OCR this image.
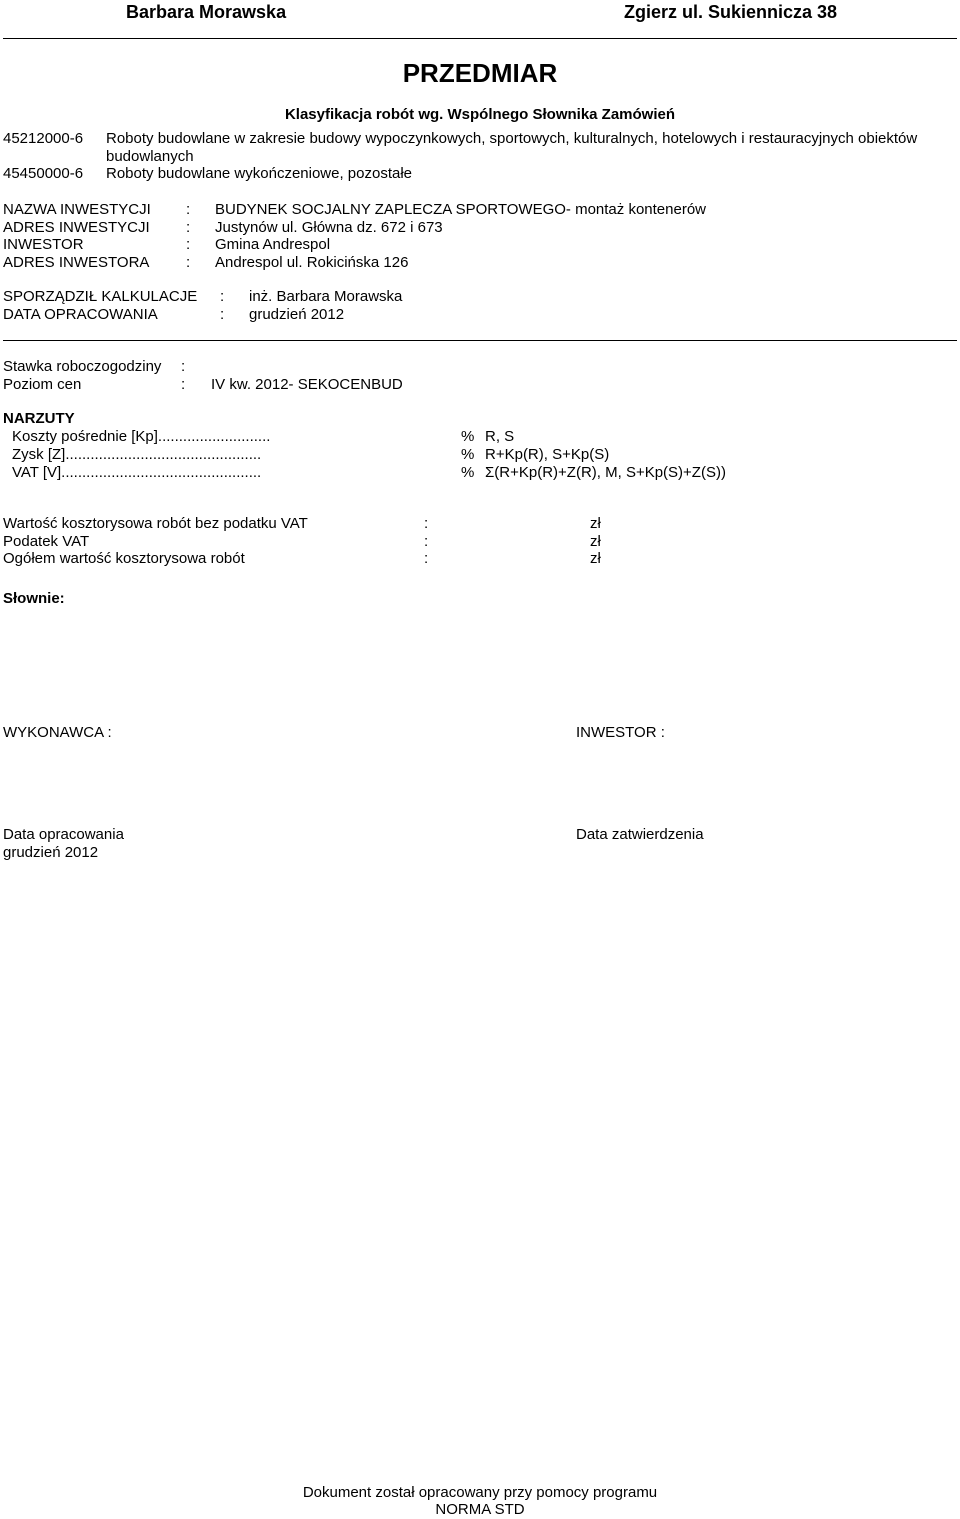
Barbara Morawska	Zgierz ul. Sukiennicza 38
PRZEDMIAR
Klasyfikacja robót wg. Wspólnego Słownika Zamówień
45212000-6 Roboty budowlane w zakresie budowy wypoczynkowych, sportowych, kulturalnych, hotelowych i restauracyjnych obiektów
budowlanych
45450000-6 Roboty budowlane wykończeniowe, pozostałe
NAZWA INWESTYCJI : BUDYNEK SOCJALNY ZAPLECZA SPORTOWEGO- montaż kontenerów
ADRES INWESTYCJI : Justynów ul. Główna dz. 672 i 673
INWESTOR	: Gmina Andrespol
ADRES INWESTORA : Andrespol ul. Rokicińska 126
SPORZĄDZIŁ KALKULACJE : inż. Barbara Morawska
DATA OPRACOWANIA	: grudzień 2012
Stawka roboczogodziny :
Poziom cen	: IV kw. 2012- SEKOCENBUD
NARZUTY
Koszty pośrednie [Kp]...........................	% R, S
Zysk [Z]...............................................	% R+Kp(R), S+Kp(S)
VAT [V]................................................	% Σ(R+Kp(R)+Z(R), M, S+Kp(S)+Z(S))
Wartość kosztorysowa robót bez podatku VAT	:	zł
Podatek VAT	:	zł
Ogółem wartość kosztorysowa robót	:	zł
Słownie:
WYKONAWCA :	INWESTOR :
Data opracowania
grudzień 2012
Data zatwierdzenia
Dokument został opracowany przy pomocy programu
NORMA STD
